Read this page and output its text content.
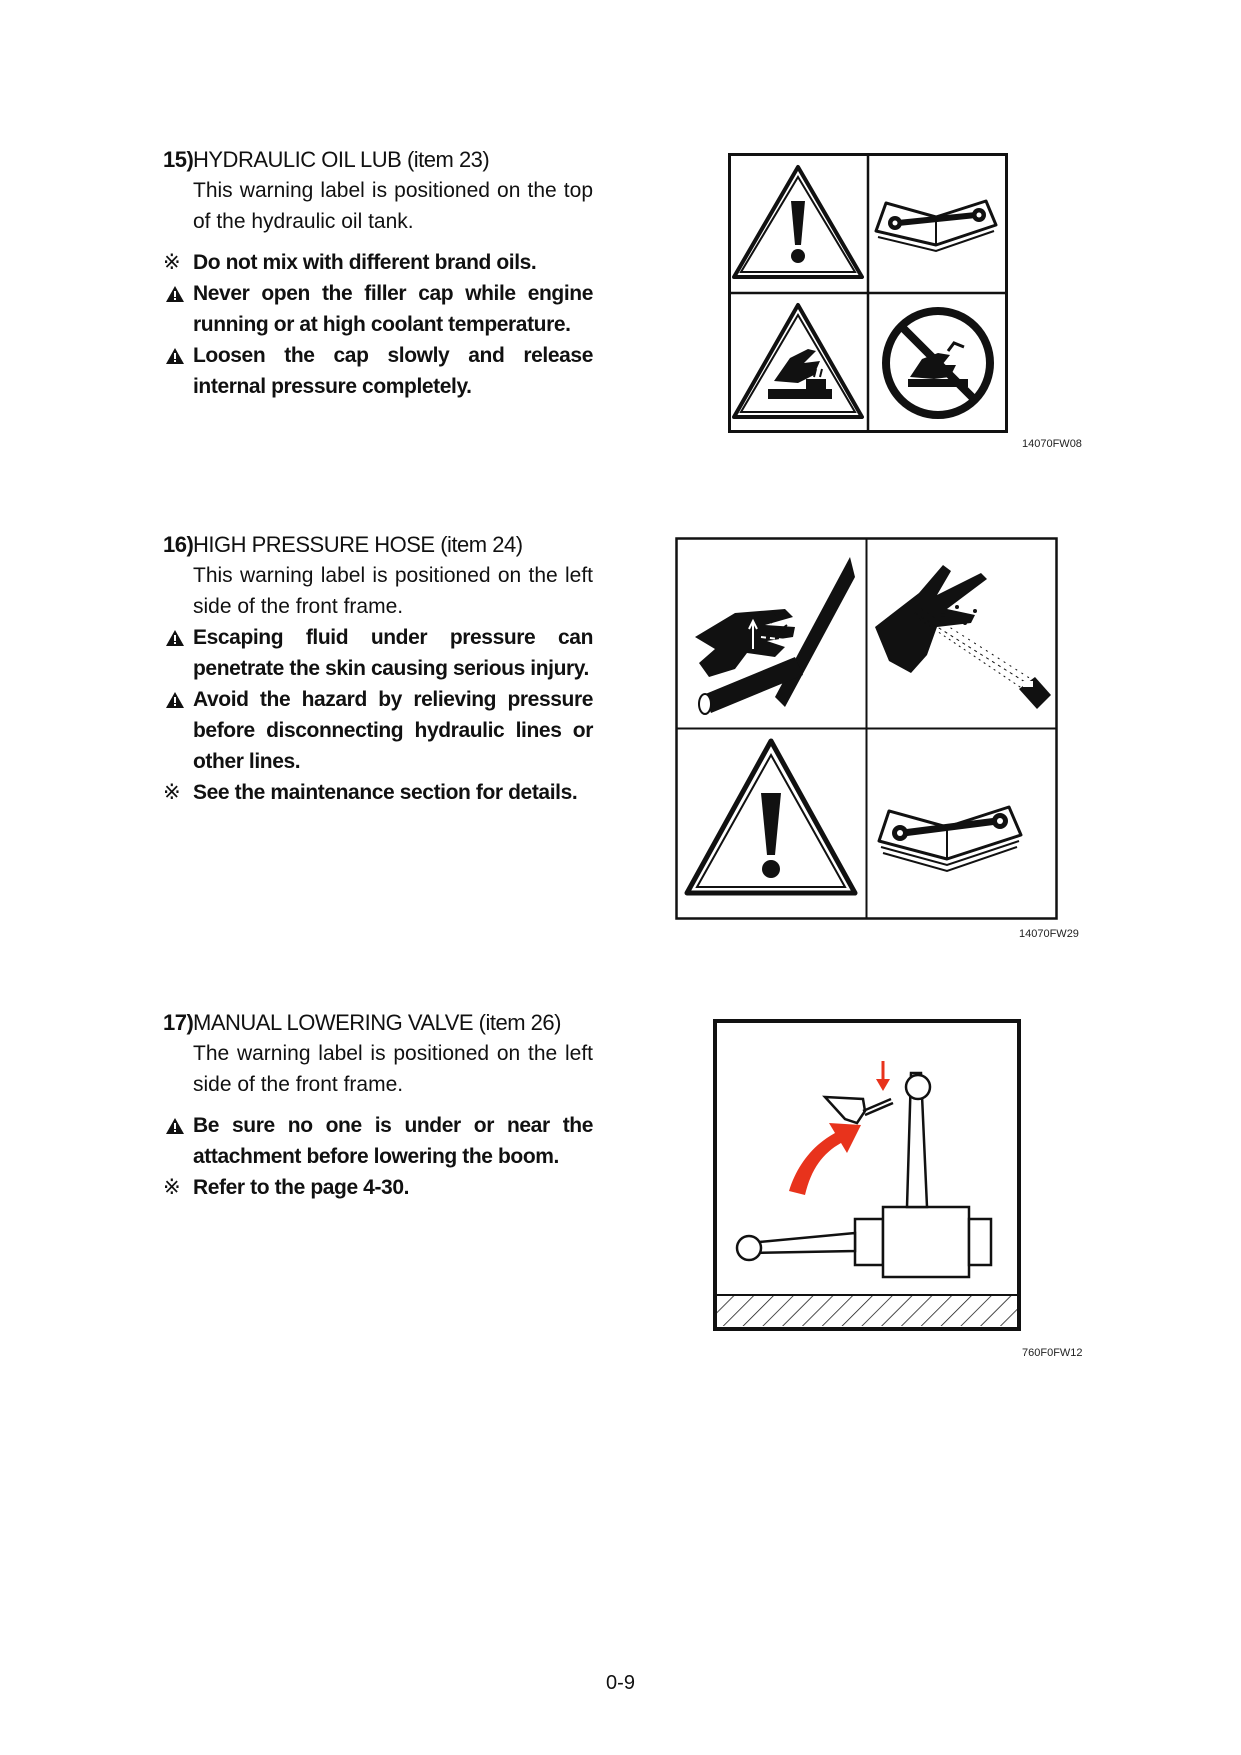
15)HYDRAULIC OIL LUB (item 23)

This warning label is positioned on the top of the hydraulic oil tank.

※ Do not mix with different brand oils.

Never open the filler cap while engine running or at high coolant temperature.

Loosen the cap slowly and release internal pressure completely.

14070FW08
16)HIGH PRESSURE HOSE (item 24)

This warning label is positioned on the left side of the front frame.

Escaping fluid under pressure can penetrate the skin causing serious injury.

Avoid the hazard by relieving pressure before disconnecting hydraulic lines or other lines.

※ See the maintenance section for details.

14070FW29
17)MANUAL LOWERING VALVE (item 26)

The warning label is positioned on the left side of the front frame.

Be sure no one is under or near the attachment before lowering the boom.

※ Refer to the page 4-30.

760F0FW12
0-9
